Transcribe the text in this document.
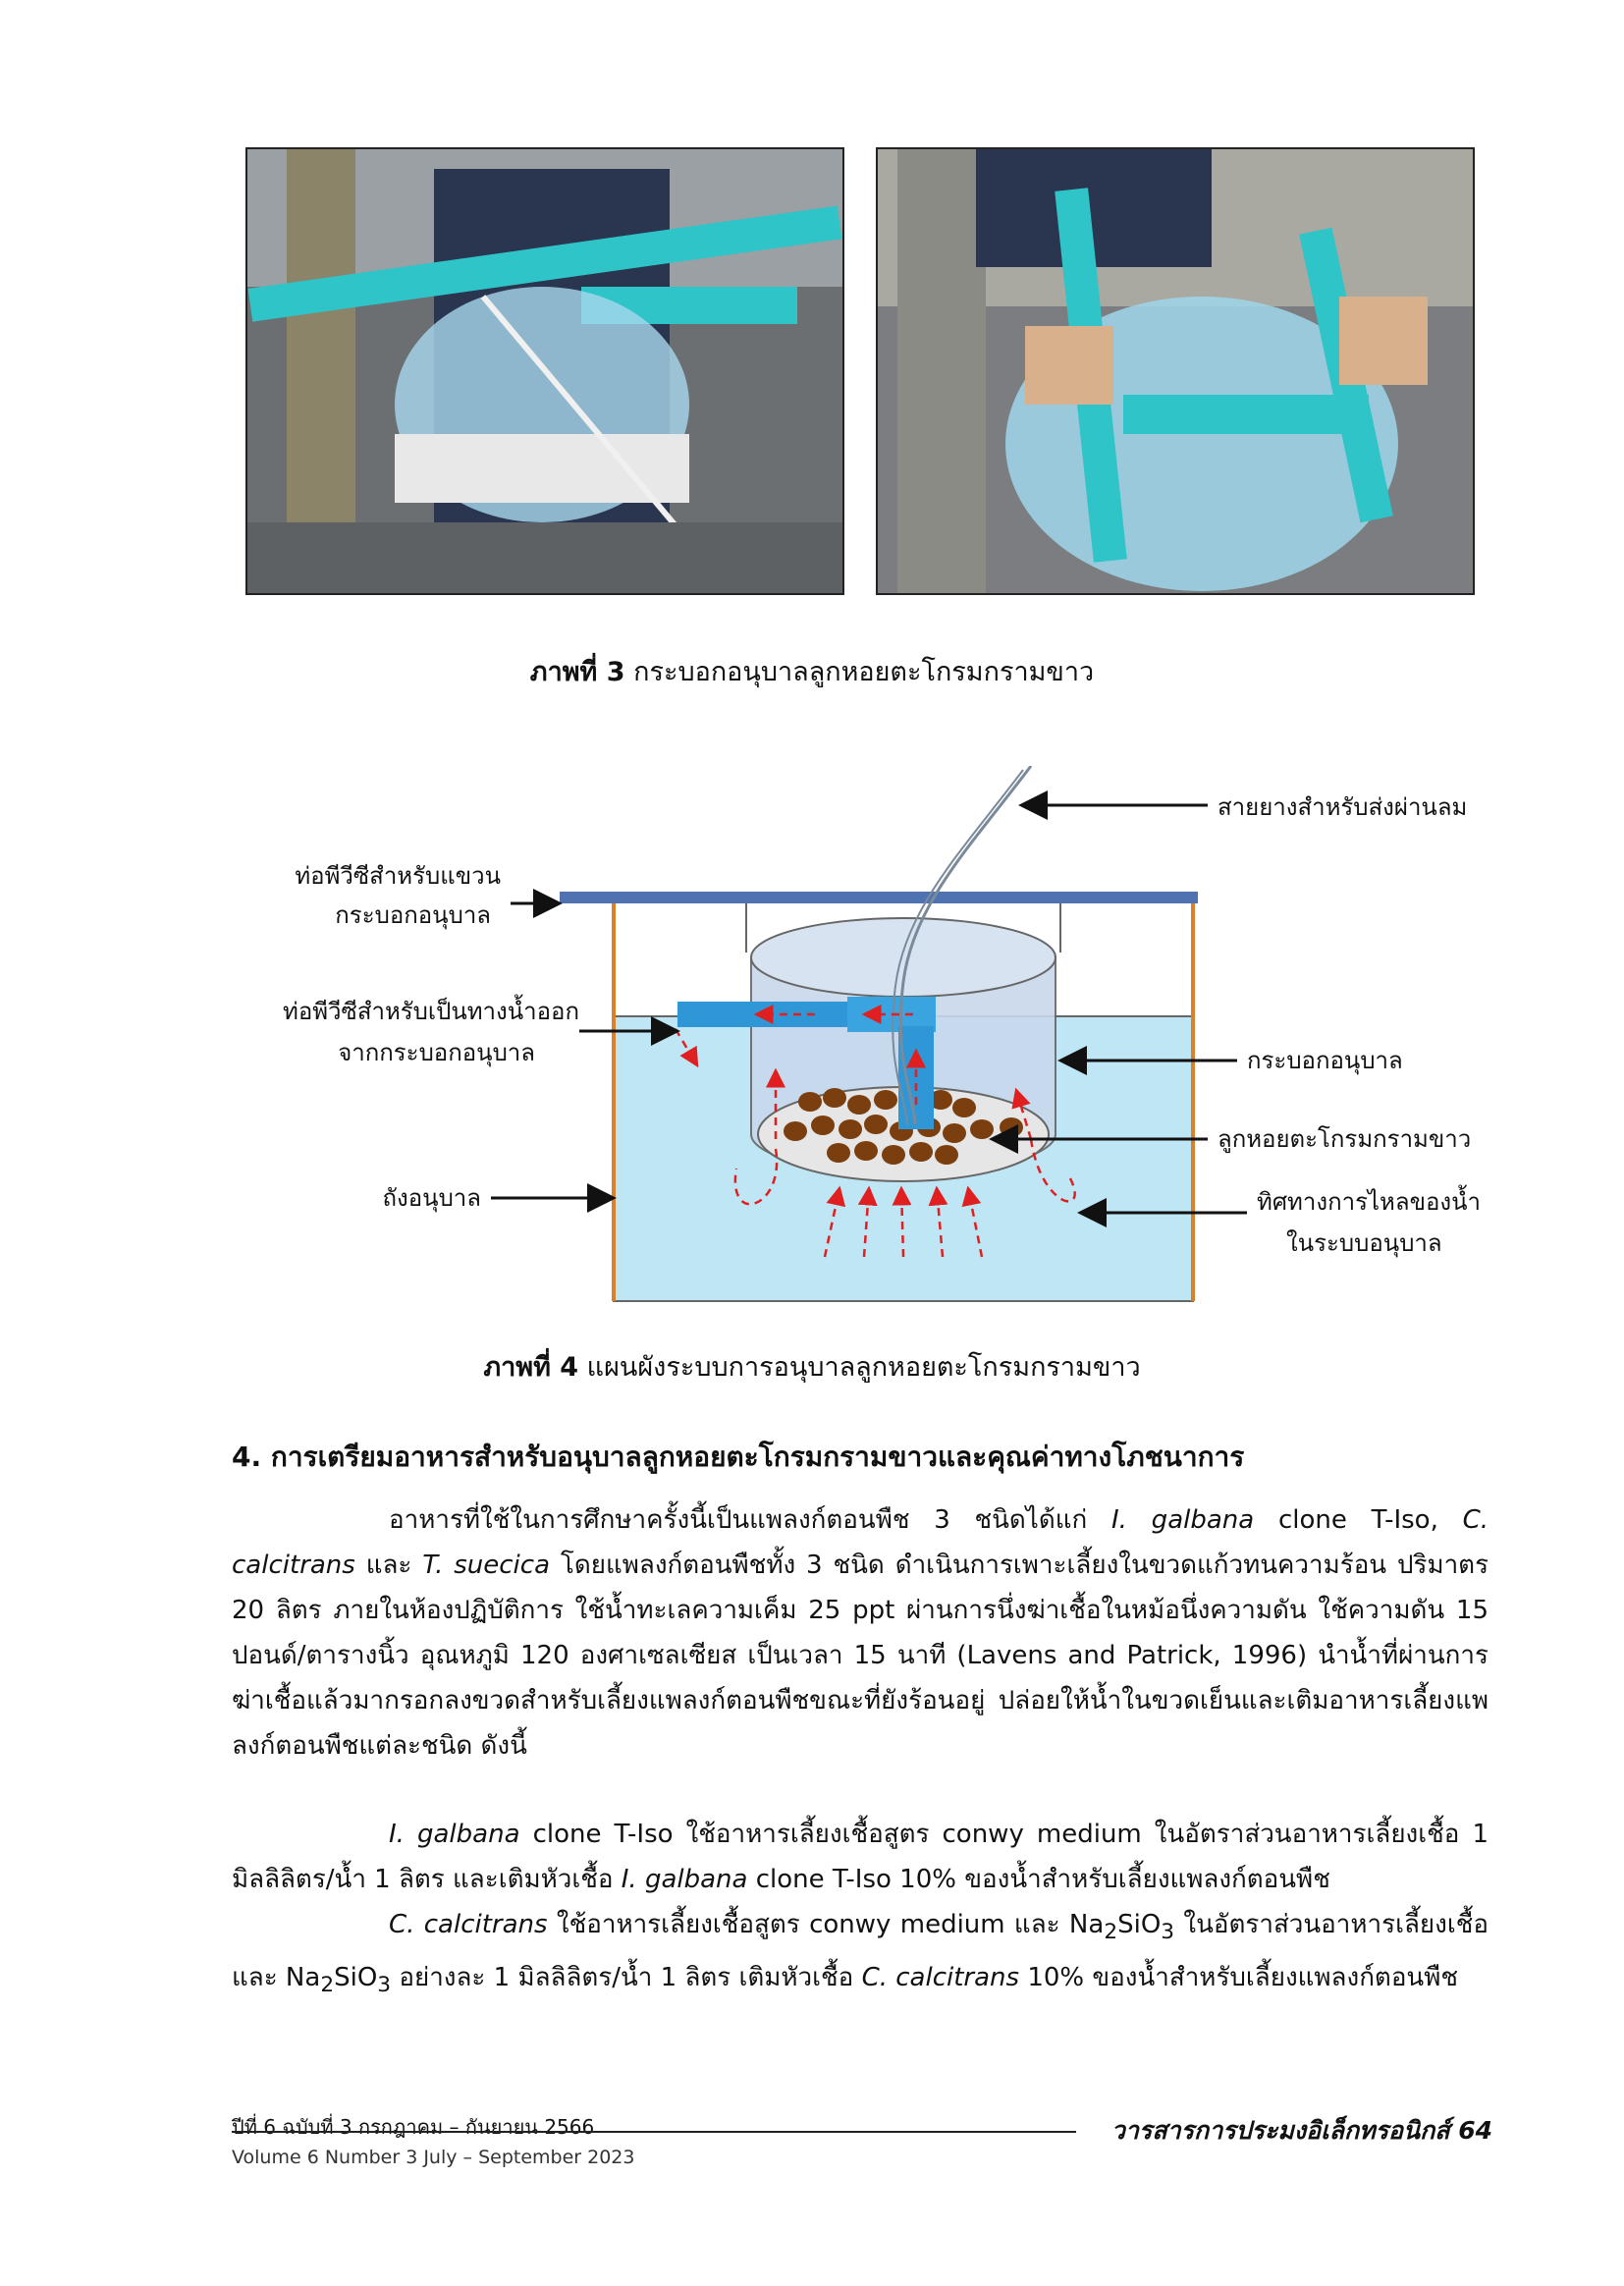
ภาพที่ 3 กระบอกอนุบาลลูกหอยตะโกรมกรามขาว
สายยางสำหรับส่งผ่านลม
ท่อพีวีซีสำหรับแขวน
กระบอกอนุบาล
ท่อพีวีซีสำหรับเป็นทางน้ำออก
จากกระบอกอนุบาล	กระบอกอนุบาล
ลูกหอยตะโกรมกรามขาว
ถังอนุบาล	ทิศทางการไหลของน้ำ
ในระบบอนุบาล
ภาพที่ 4 แผนผังระบบการอนุบาลลูกหอยตะโกรมกรามขาว
4. การเตรียมอาหารสำหรับอนุบาลลูกหอยตะโกรมกรามขาวและคุณค่าทางโภชนาการ
อาหารที่ใช้ในการศึกษาครั้งนี้เป็นแพลงก์ตอนพืช 3 ชนิดได้แก่ I. galbana clone T-Iso, C. calcitrans และ T. suecica โดยแพลงก์ตอนพืชทั้ง 3 ชนิด ดำเนินการเพาะเลี้ยงในขวดแก้วทนความร้อน ปริมาตร 20 ลิตร ภายในห้องปฏิบัติการ ใช้น้ำทะเลความเค็ม 25 ppt ผ่านการนึ่งฆ่าเชื้อในหม้อนึ่งความดัน ใช้ความดัน 15 ปอนด์/ตารางนิ้ว อุณหภูมิ 120 องศาเซลเซียส เป็นเวลา 15 นาที (Lavens and Patrick, 1996) นำน้ำที่ผ่านการฆ่าเชื้อแล้วมากรอกลงขวดสำหรับเลี้ยงแพลงก์ตอนพืชขณะที่ยังร้อนอยู่ ปล่อยให้น้ำในขวดเย็นและเติมอาหารเลี้ยงแพลงก์ตอนพืชแต่ละชนิด ดังนี้
I. galbana clone T-Iso ใช้อาหารเลี้ยงเชื้อสูตร conwy medium ในอัตราส่วนอาหารเลี้ยงเชื้อ 1 มิลลิลิตร/น้ำ 1 ลิตร และเติมหัวเชื้อ I. galbana clone T-Iso 10% ของน้ำสำหรับเลี้ยงแพลงก์ตอนพืช
C. calcitrans ใช้อาหารเลี้ยงเชื้อสูตร conwy medium และ $Na_2SiO_3$ ในอัตราส่วนอาหารเลี้ยงเชื้อ และ $Na_2SiO_3$ อย่างละ 1 มิลลิลิตร/น้ำ 1 ลิตร เติมหัวเชื้อ C. calcitrans 10% ของน้ำสำหรับเลี้ยงแพลงก์ตอนพืช
ปีที่ 6 ฉบับที่ 3 กรกฎาคม – กันยายน 2566
Volume 6 Number 3 July – September 2023
วารสารการประมงอิเล็กทรอนิกส์ 64
